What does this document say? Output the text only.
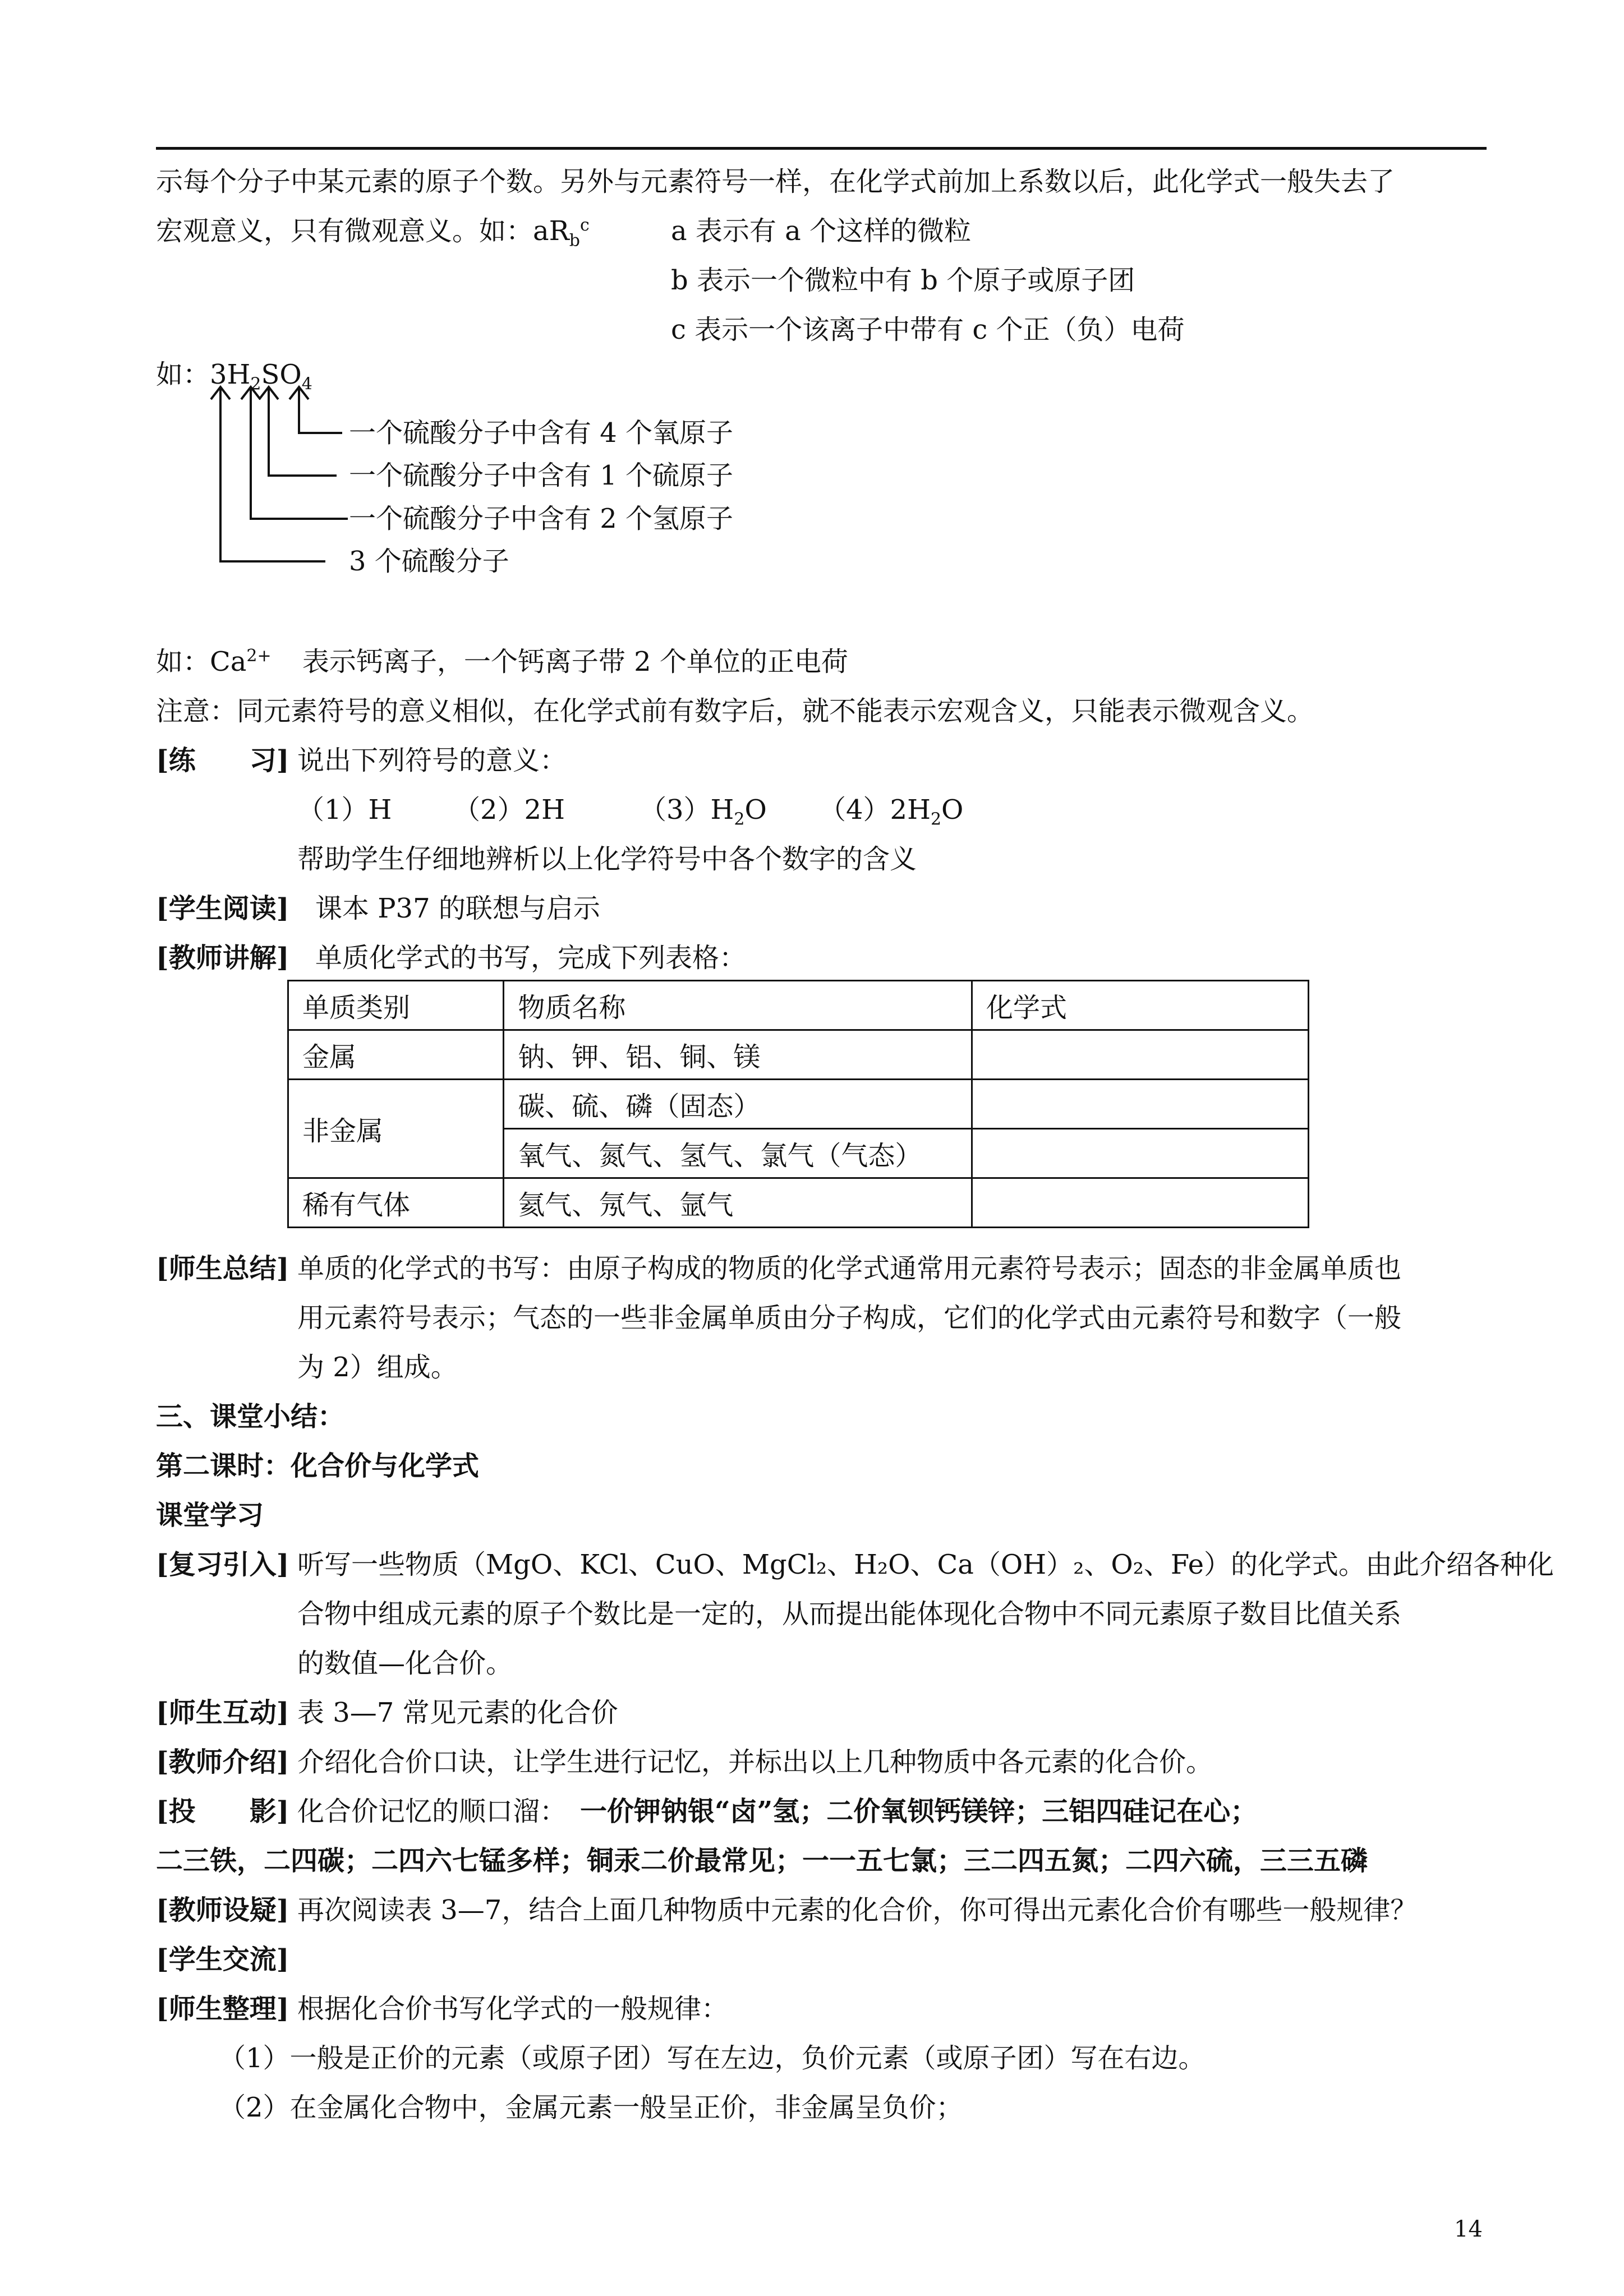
示每个分子中某元素的原子个数。另外与元素符号一样，在化学式前加上系数以后，此化学式一般失去了
宏观意义，只有微观意义。如：$aR_b^c$	a 表示有 a 个这样的微粒
b 表示一个微粒中有 b 个原子或原子团
c 表示一个该离子中带有 c 个正（负）电荷
如：$3H_2SO_4$
一个硫酸分子中含有 4 个氧原子
一个硫酸分子中含有 1 个硫原子
一个硫酸分子中含有 2 个氢原子
3 个硫酸分子
如：$Ca^{2+}$ 表示钙离子，一个钙离子带 2 个单位的正电荷
注意：同元素符号的意义相似，在化学式前有数字后，就不能表示宏观含义，只能表示微观含义。
[练　　习] 说出下列符号的意义：
（1）H （2）2H	$(3)H_2O$ $(4)2H_2O$
帮助学生仔细地辨析以上化学符号中各个数字的含义
[学生阅读] 课本 P37 的联想与启示
[教师讲解] 单质化学式的书写，完成下列表格：
单质类别	物质名称	化学式
金属	钠、钾、铝、铜、镁	
非金属	碳、硫、磷（固态）	
	氧气、氮气、氢气、氯气（气态）	
稀有气体	氦气、氖气、氩气	
[师生总结] 单质的化学式的书写：由原子构成的物质的化学式通常用元素符号表示；固态的非金属单质也
用元素符号表示；气态的一些非金属单质由分子构成，它们的化学式由元素符号和数字（一般
为 2）组成。
三、课堂小结：
第二课时：化合价与化学式
课堂学习
[复习引入] 听写一些物质（MgO、KCl、CuO、MgCl₂、H₂O、Ca（OH）₂、O₂、Fe）的化学式。由此介绍各种化
合物中组成元素的原子个数比是一定的，从而提出能体现化合物中不同元素原子数目比值关系
的数值—化合价。
[师生互动] 表 3—7 常见元素的化合价
[教师介绍] 介绍化合价口诀，让学生进行记忆，并标出以上几种物质中各元素的化合价。
[投　　影] 化合价记忆的顺口溜： 一价钾钠银“卤”氢；二价氧钡钙镁锌；三铝四硅记在心；
二三铁，二四碳；二四六七锰多样；铜汞二价最常见；一一五七氯；三二四五氮；二四六硫，三三五磷
[教师设疑] 再次阅读表 3—7，结合上面几种物质中元素的化合价，你可得出元素化合价有哪些一般规律？
[学生交流]
[师生整理] 根据化合价书写化学式的一般规律：
（1）一般是正价的元素（或原子团）写在左边，负价元素（或原子团）写在右边。
（2）在金属化合物中，金属元素一般呈正价，非金属呈负价；
14
